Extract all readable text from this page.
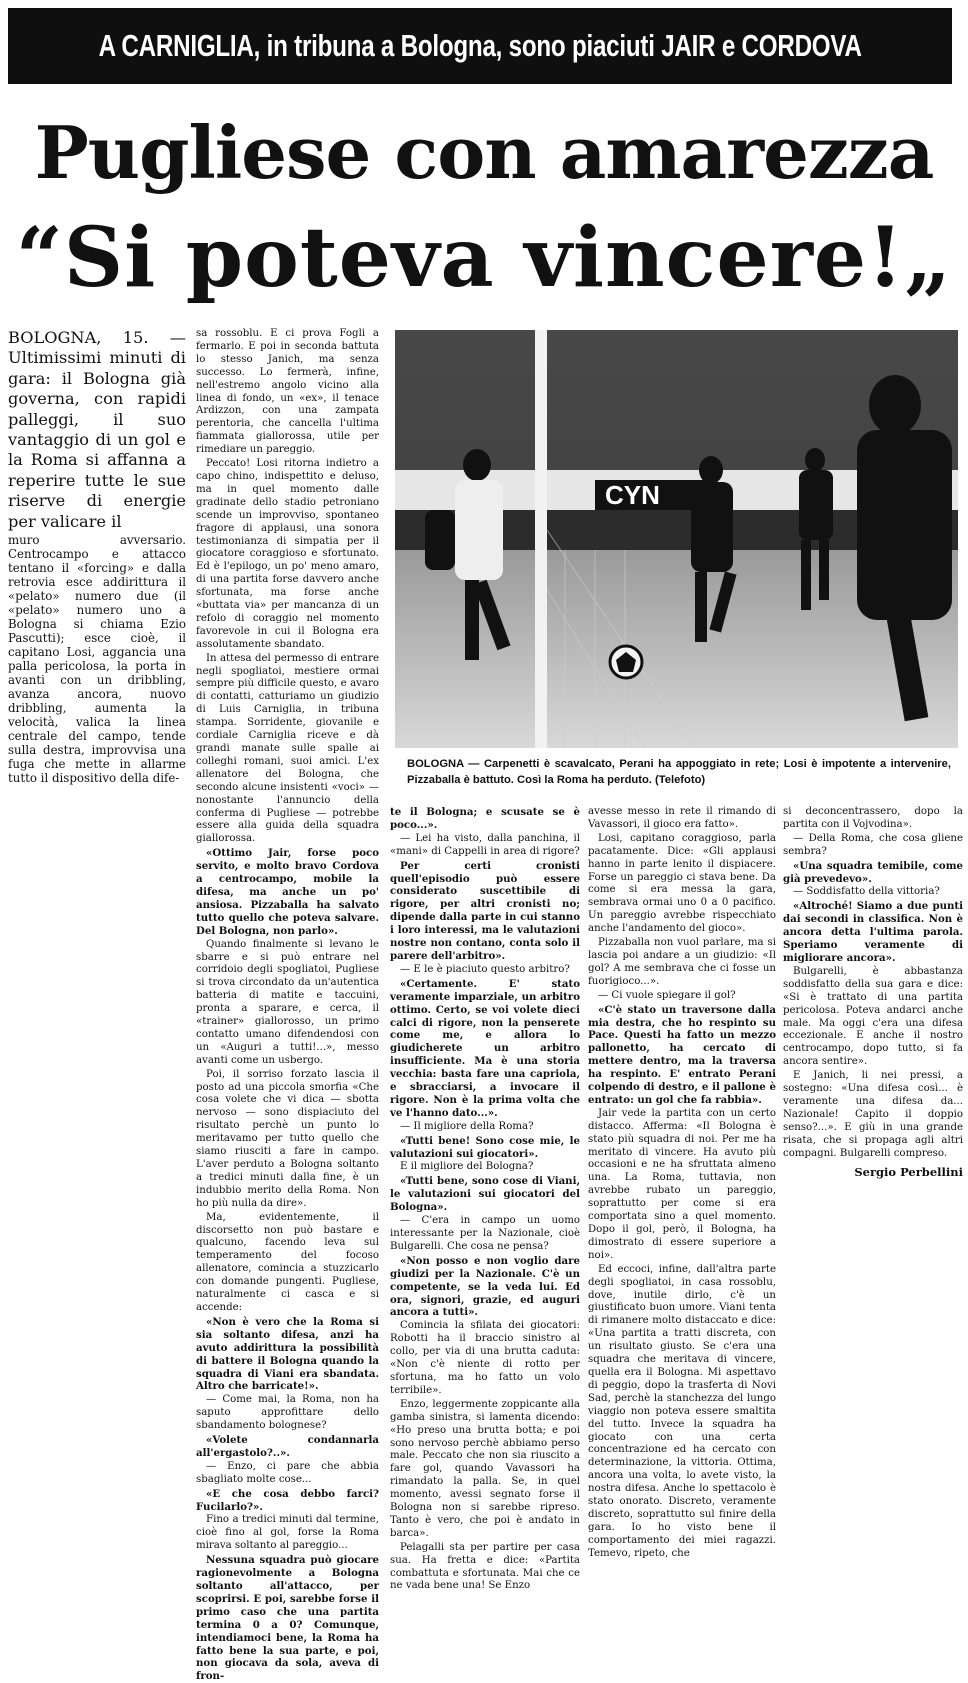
A CARNIGLIA, in tribuna a Bologna, sono piaciuti JAIR e CORDOVA
Pugliese con amarezza
“Si poteva vincere!„

BOLOGNA, 15. — Ultimissimi minuti di gara: il Bologna già governa, con rapidi palleggi, il suo vantaggio di un gol e la Roma si affanna a reperire tutte le sue riserve di energie per valicare il

muro avversario. Centrocampo e attacco tentano il «forcing» e dalla retrovia esce addirittura il «pelato» numero due (il «pelato» numero uno a Bologna si chiama Ezio Pascutti); esce cioè, il capitano Losi, aggancia una palla pericolosa, la porta in avanti con un dribbling, avanza ancora, nuovo dribbling, aumenta la velocità, valica la linea centrale del campo, tende sulla destra, improvvisa una fuga che mette in allarme tutto il dispositivo della dife-

sa rossoblu. E ci prova Fogli a fermarlo. E poi in seconda battuta lo stesso Janich, ma senza successo. Lo fermerà, infine, nell'estremo angolo vicino alla linea di fondo, un «ex», il tenace Ardizzon, con una zampata perentoria, che cancella l'ultima fiammata giallorossa, utile per rimediare un pareggio.

Peccato! Losi ritorna indietro a capo chino, indispettito e deluso, ma in quel momento dalle gradinate dello stadio petroniano scende un improvviso, spontaneo fragore di applausi, una sonora testimonianza di simpatia per il giocatore coraggioso e sfortunato. Ed è l'epilogo, un po' meno amaro, di una partita forse davvero anche sfortunata, ma forse anche «buttata via» per mancanza di un refolo di coraggio nel momento favorevole in cui il Bologna era assolutamente sbandato.

In attesa del permesso di entrare negli spogliatoi, mestiere ormai sempre più difficile questo, e avaro di contatti, catturiamo un giudizio di Luis Carniglia, in tribuna stampa. Sorridente, giovanile e cordiale Carniglia riceve e dà grandi manate sulle spalle ai colleghi romani, suoi amici. L'ex allenatore del Bologna, che secondo alcune insistenti «voci» — nonostante l'annuncio della conferma di Pugliese — potrebbe essere alla guida della squadra giallorossa.

«Ottimo Jair, forse poco servito, e molto bravo Cordova a centrocampo, mobile la difesa, ma anche un po' ansiosa. Pizzaballa ha salvato tutto quello che poteva salvare. Del Bologna, non parlo».

Quando finalmente si levano le sbarre e si può entrare nel corridoio degli spogliatoi, Pugliese si trova circondato da un'autentica batteria di matite e taccuini, pronta a sparare, e cerca, il «trainer» giallorosso, un primo contatto umano difendendosi con un «Auguri a tutti!...», messo avanti come un usbergo.

Poi, il sorriso forzato lascia il posto ad una piccola smorfia «Che cosa volete che vi dica — sbotta nervoso — sono dispiaciuto del risultato perchè un punto lo meritavamo per tutto quello che siamo riusciti a fare in campo. L'aver perduto a Bologna soltanto a tredici minuti dalla fine, è un indubbio merito della Roma. Non ho più nulla da dire».

Ma, evidentemente, il discorsetto non può bastare e qualcuno, facendo leva sul temperamento del focoso allenatore, comincia a stuzzicarlo con domande pungenti. Pugliese, naturalmente ci casca e si accende:

«Non è vero che la Roma si sia soltanto difesa, anzi ha avuto addirittura la possibilità di battere il Bologna quando la squadra di Viani era sbandata. Altro che barricate!».

— Come mai, la Roma, non ha saputo approfittare dello sbandamento bolognese?

«Volete condannarla all'ergastolo?..».

— Enzo, ci pare che abbia sbagliato molte cose...

«E che cosa debbo farci? Fucilarlo?».

Fino a tredici minuti dal termine, cioè fino al gol, forse la Roma mirava soltanto al pareggio...

Nessuna squadra può giocare ragionevolmente a Bologna soltanto all'attacco, per scoprirsi. E poi, sarebbe forse il primo caso che una partita termina 0 a 0? Comunque, intendiamoci bene, la Roma ha fatto bene la sua parte, e poi, non giocava da sola, aveva di fron-

CYN
BOLOGNA — Carpenetti è scavalcato, Perani ha appoggiato in rete; Losi è impotente a intervenire, Pizzaballa è battuto. Così la Roma ha perduto. (Telefoto)

te il Bologna; e scusate se è poco...».

— Lei ha visto, dalla panchina, il «mani» di Cappelli in area di rigore?

Per certi cronisti quell'episodio può essere considerato suscettibile di rigore, per altri cronisti no; dipende dalla parte in cui stanno i loro interessi, ma le valutazioni nostre non contano, conta solo il parere dell'arbitro».

— E le è piaciuto questo arbitro?

«Certamente. E' stato veramente imparziale, un arbitro ottimo. Certo, se voi volete dieci calci di rigore, non la penserete come me, e allora lo giudicherete un arbitro insufficiente. Ma è una storia vecchia: basta fare una capriola, e sbracciarsi, a invocare il rigore. Non è la prima volta che ve l'hanno dato...».

— Il migliore della Roma?

«Tutti bene! Sono cose mie, le valutazioni sui giocatori».

E il migliore del Bologna?

«Tutti bene, sono cose di Viani, le valutazioni sui giocatori del Bologna».

— C'era in campo un uomo interessante per la Nazionale, cioè Bulgarelli. Che cosa ne pensa?

«Non posso e non voglio dare giudizi per la Nazionale. C'è un competente, se la veda lui. Ed ora, signori, grazie, ed auguri ancora a tutti».

Comincia la sfilata dei giocatori: Robotti ha il braccio sinistro al collo, per via di una brutta caduta: «Non c'è niente di rotto per sfortuna, ma ho fatto un volo terribile».

Enzo, leggermente zoppicante alla gamba sinistra, si lamenta dicendo: «Ho preso una brutta botta; e poi sono nervoso perchè abbiamo perso male. Peccato che non sia riuscito a fare gol, quando Vavassori ha rimandato la palla. Se, in quel momento, avessi segnato forse il Bologna non si sarebbe ripreso. Tanto è vero, che poi è andato in barca».

Pelagalli sta per partire per casa sua. Ha fretta e dice: «Partita combattuta e sfortunata. Mai che ce ne vada bene una! Se Enzo

avesse messo in rete il rimando di Vavassori, il gioco era fatto».

Losi, capitano coraggioso, parla pacatamente. Dice: «Gli applausi hanno in parte lenito il dispiacere. Forse un pareggio ci stava bene. Da come si era messa la gara, sembrava ormai uno 0 a 0 pacifico. Un pareggio avrebbe rispecchiato anche l'andamento del gioco».

Pizzaballa non vuol parlare, ma si lascia poi andare a un giudizio: «Il gol? A me sembrava che ci fosse un fuorigioco...».

— Ci vuole spiegare il gol?

«C'è stato un traversone dalla mia destra, che ho respinto su Pace. Questi ha fatto un mezzo pallonetto, ha cercato di mettere dentro, ma la traversa ha respinto. E' entrato Perani colpendo di destro, e il pallone è entrato: un gol che fa rabbia».

Jair vede la partita con un certo distacco. Afferma: «Il Bologna è stato più squadra di noi. Per me ha meritato di vincere. Ha avuto più occasioni e ne ha sfruttata almeno una. La Roma, tuttavia, non avrebbe rubato un pareggio, soprattutto per come si era comportata sino a quel momento. Dopo il gol, però, il Bologna, ha dimostrato di essere superiore a noi».

Ed eccoci, infine, dall'altra parte degli spogliatoi, in casa rossoblu, dove, inutile dirlo, c'è un giustificato buon umore. Viani tenta di rimanere molto distaccato e dice: «Una partita a tratti discreta, con un risultato giusto. Se c'era una squadra che meritava di vincere, quella era il Bologna. Mi aspettavo di peggio, dopo la trasferta di Novi Sad, perchè la stanchezza del lungo viaggio non poteva essere smaltita del tutto. Invece la squadra ha giocato con una certa concentrazione ed ha cercato con determinazione, la vittoria. Ottima, ancora una volta, lo avete visto, la nostra difesa. Anche lo spettacolo è stato onorato. Discreto, veramente discreto, soprattutto sul finire della gara. Io ho visto bene il comportamento dei miei ragazzi. Temevo, ripeto, che

si deconcentrassero, dopo la partita con il Vojvodina».

— Della Roma, che cosa gliene sembra?

«Una squadra temibile, come già prevedevo».

— Soddisfatto della vittoria?

«Altroché! Siamo a due punti dai secondi in classifica. Non è ancora detta l'ultima parola. Speriamo veramente di migliorare ancora».

Bulgarelli, è abbastanza soddisfatto della sua gara e dice: «Si è trattato di una partita pericolosa. Poteva andarci anche male. Ma oggi c'era una difesa eccezionale. E anche il nostro centrocampo, dopo tutto, si fa ancora sentire».

E Janich, li nei pressi, a sostegno: «Una difesa così... è veramente una difesa da... Nazionale! Capito il doppio senso?...». E giù in una grande risata, che si propaga agli altri compagni. Bulgarelli compreso.

Sergio Perbellini
